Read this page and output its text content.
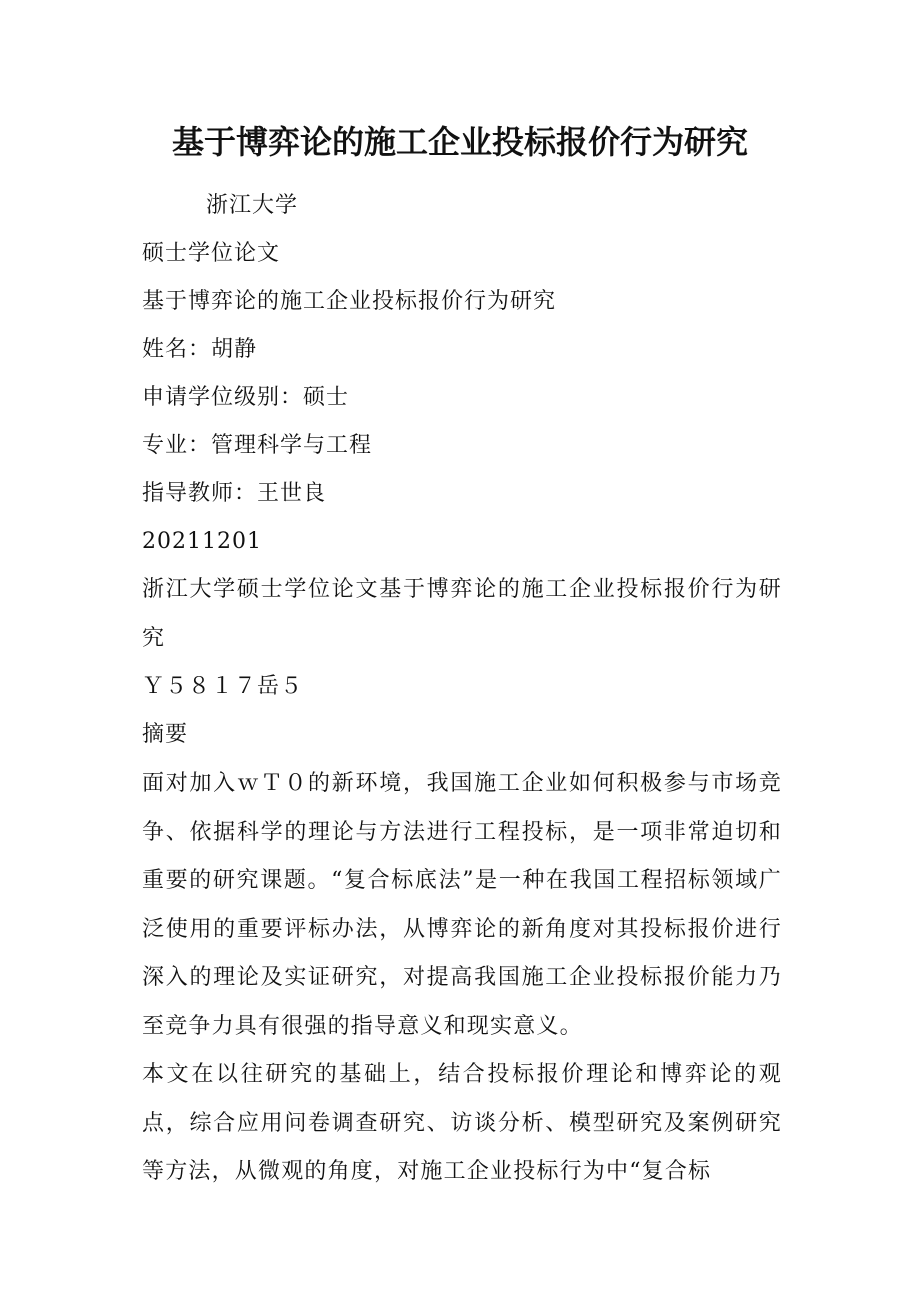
基于博弈论的施工企业投标报价行为研究
浙江大学
硕士学位论文
基于博弈论的施工企业投标报价行为研究
姓名：胡静
申请学位级别：硕士
专业：管理科学与工程
指导教师：王世良
20211201

浙江大学硕士学位论文基于博弈论的施工企业投标报价行为研究

Ｙ５８１７岳５
摘要

面对加入ｗＴ０的新环境，我国施工企业如何积极参与市场竞争、依据科学的理论与方法进行工程投标，是一项非常迫切和重要的研究课题。“复合标底法”是一种在我国工程招标领域广泛使用的重要评标办法，从博弈论的新角度对其投标报价进行深入的理论及实证研究，对提高我国施工企业投标报价能力乃至竞争力具有很强的指导意义和现实意义。

本文在以往研究的基础上，结合投标报价理论和博弈论的观点，综合应用问卷调查研究、访谈分析、模型研究及案例研究等方法，从微观的角度，对施工企业投标行为中“复合标
